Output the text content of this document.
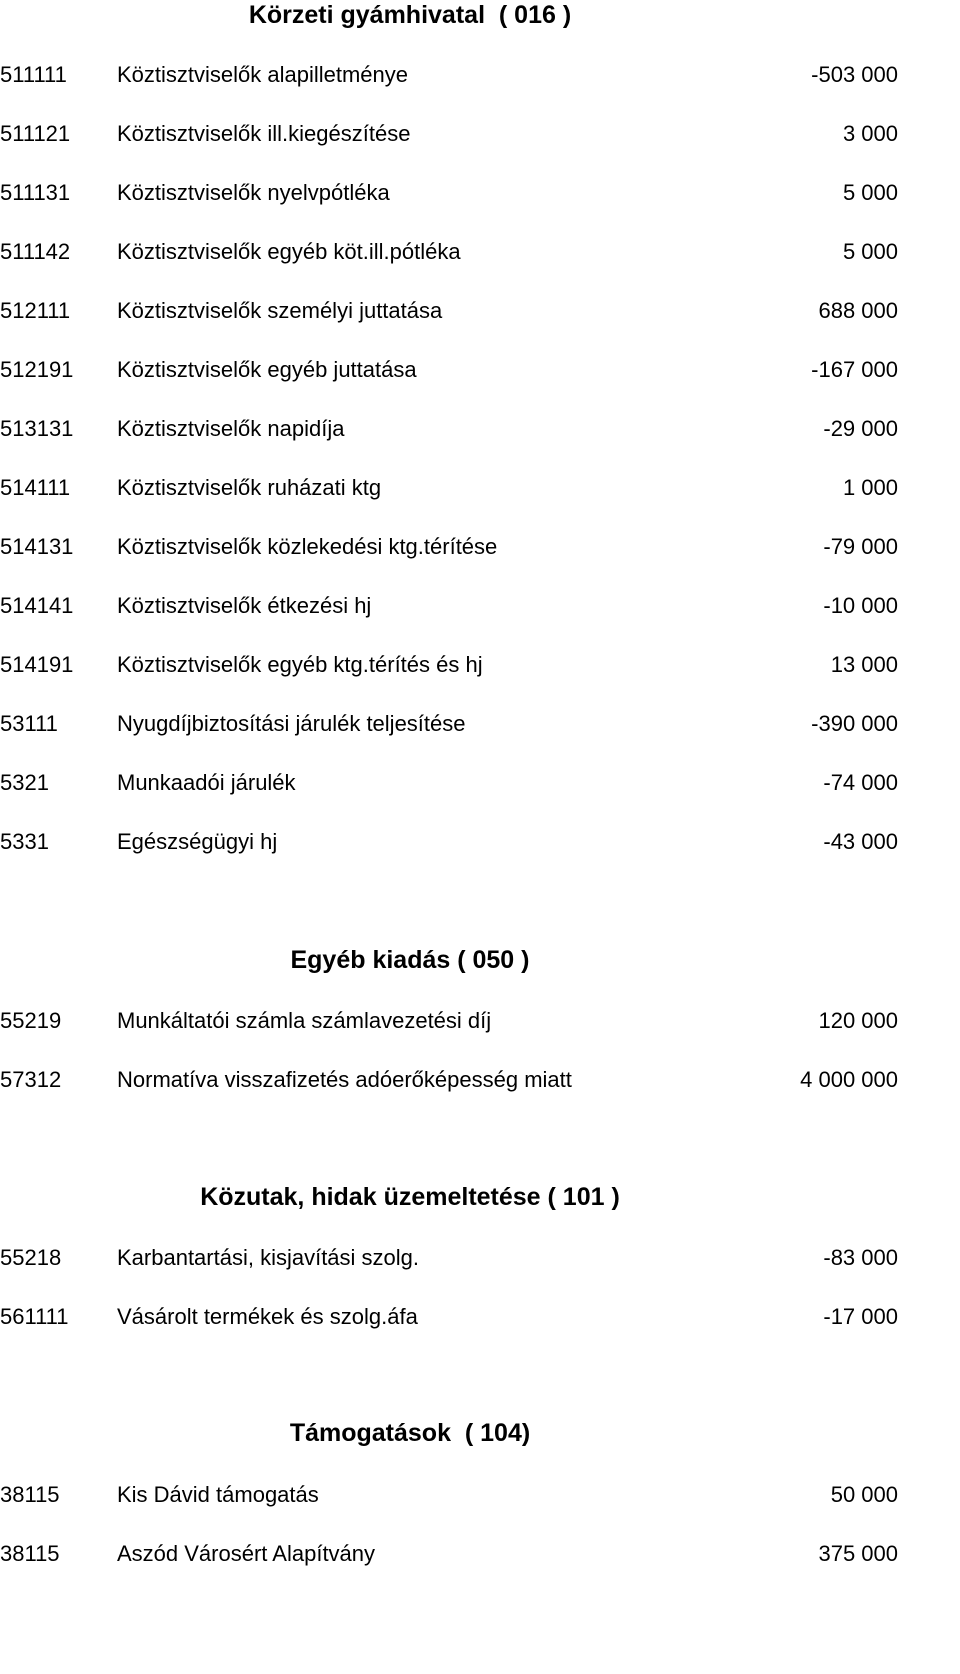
Körzeti gyámhivatal  ( 016 )
511111 Köztisztviselők alapilletménye	-503 000
511121 Köztisztviselők ill.kiegészítése	3 000
511131 Köztisztviselők nyelvpótléka	5 000
511142 Köztisztviselők egyéb köt.ill.pótléka	5 000
512111 Köztisztviselők személyi juttatása	688 000
512191 Köztisztviselők egyéb juttatása	-167 000
513131 Köztisztviselők napidíja	-29 000
514111 Köztisztviselők ruházati ktg	1 000
514131 Köztisztviselők közlekedési ktg.térítése	-79 000
514141 Köztisztviselők étkezési hj	-10 000
514191 Köztisztviselők egyéb ktg.térítés és hj	13 000
53111	Nyugdíjbiztosítási járulék teljesítése	-390 000
5321	Munkaadói járulék	-74 000
5331	Egészségügyi hj	-43 000
Egyéb kiadás ( 050 )
55219	Munkáltatói számla számlavezetési díj	120 000
57312	Normatíva visszafizetés adóerőképesség miatt	4 000 000
Közutak, hidak üzemeltetése ( 101 )
55218	Karbantartási, kisjavítási szolg.	-83 000
561111 Vásárolt termékek és szolg.áfa	-17 000
Támogatások  ( 104)
38115	Kis Dávid támogatás	50 000
38115	Aszód Városért Alapítvány	375 000
